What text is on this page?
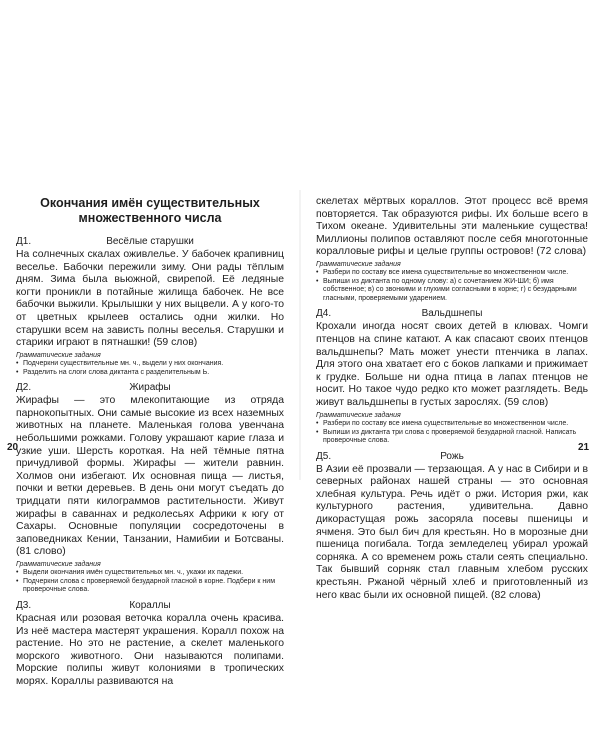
Окончания имён существительных множественного числа
Д1.	Весёлые старушки
На солнечных скалах оживлелье. У бабочек крапивниц веселье. Бабочки пережили зиму. Они рады тёплым дням. Зима была вьюжной, свирепой. Её ледяные когти проникли в потайные жилища бабочек. Не все бабочки выжили. Крылышки у них выцвели. А у кого-то от цветных крылеев остались одни жилки. Но старушки всем на зависть полны веселья. Старушки и старики играют в пятнашки! (59 слов)
Грамматические задания
• Подчеркни существительные мн. ч., выдели у них окончания.
• Разделить на слоги слова диктанта с разделительным Ь.
Д2.	Жирафы
Жирафы — это млекопитающие из отряда парнокопытных. Они самые высокие из всех наземных животных на планете. Маленькая голова увенчана небольшими рожками. Голову украшают карие глаза и узкие уши. Шерсть короткая. На ней тёмные пятна причудливой формы. Жирафы — жители равнин. Холмов они избегают. Их основная пища — листья, почки и ветки деревьев. В день они могут съедать до тридцати пяти килограммов растительности. Живут жирафы в саваннах и редколесьях Африки к югу от Сахары. Основные популяции сосредоточены в заповедниках Кении, Танзании, Намибии и Ботсваны. (81 слово)
Грамматические задания
• Выдели окончания имён существительных мн. ч., укажи их падежи.
• Подчеркни слова с проверяемой безударной гласной в корне. Подбери к ним проверочные слова.
Д3.	Кораллы
Красная или розовая веточка коралла очень красива. Из неё мастера мастерят украшения. Коралл похож на растение. Но это не растение, а скелет маленького морского животного. Они называются полипами. Морские полипы живут колониями в тропических морях. Кораллы развиваются на
20
скелетах мёртвых кораллов. Этот процесс всё время повторяется. Так образуются рифы. Их больше всего в Тихом океане. Удивительны эти маленькие существа! Миллионы полипов оставляют после себя многотонные коралловые рифы и целые группы островов! (72 слова)
Грамматические задания
• Разбери по составу все имена существительные во множественном числе.
• Выпиши из диктанта по одному слову: а) с сочетанием ЖИ-ШИ; б) имя собственное; в) со звонкими и глухими согласными в корне; г) с безударными гласными, проверяемыми ударением.
Д4.	Вальдшнепы
Крохали иногда носят своих детей в клювах. Чомги птенцов на спине катают. А как спасают своих птенцов вальдшнепы? Мать может унести птенчика в лапах. Для этого она хватает его с боков лапками и прижимает к грудке. Больше ни одна птица в лапах птенцов не носит. Но такое чудо редко кто может разглядеть. Ведь живут вальдшнепы в густых зарослях. (59 слов)
Грамматические задания
• Разбери по составу все имена существительные во множественном числе.
• Выпиши из диктанта три слова с проверяемой безударной гласной. Написать проверочные слова.
Д5.	Рожь
В Азии её прозвали — терзающая. А у нас в Сибири и в северных районах нашей страны — это основная хлебная культура. Речь идёт о ржи. История ржи, как культурного растения, удивительна. Давно дикорастущая рожь засоряла посевы пшеницы и ячменя. Это был бич для крестьян. Но в морозные дни пшеница погибала. Тогда земледелец убирал урожай сорняка. А со временем рожь стали сеять специально. Так бывший сорняк стал главным хлебом русских крестьян. Ржаной чёрный хлеб и приготовленный из него квас были их основной пищей. (82 слова)
21
